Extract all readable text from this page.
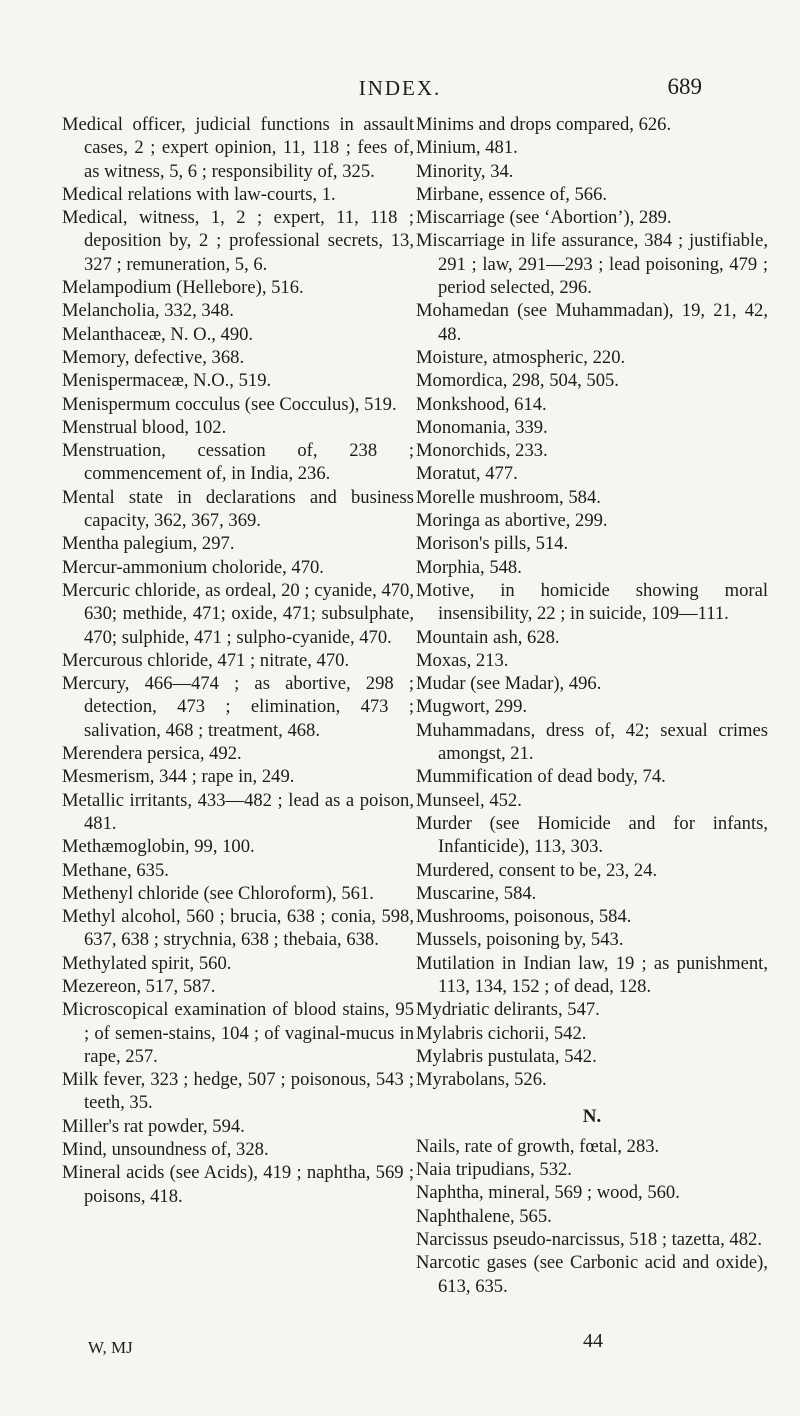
INDEX.	689
Medical officer, judicial functions in assault cases, 2 ; expert opinion, 11, 118 ; fees of, as witness, 5, 6 ; responsibility of, 325.
Medical relations with law-courts, 1.
Medical, witness, 1, 2 ; expert, 11, 118 ; deposition by, 2 ; professional secrets, 13, 327 ; remuneration, 5, 6.
Melampodium (Hellebore), 516.
Melancholia, 332, 348.
Melanthaceæ, N. O., 490.
Memory, defective, 368.
Menispermaceæ, N.O., 519.
Menispermum cocculus (see Cocculus), 519.
Menstrual blood, 102.
Menstruation, cessation of, 238 ; commencement of, in India, 236.
Mental state in declarations and business capacity, 362, 367, 369.
Mentha palegium, 297.
Mercur-ammonium choloride, 470.
Mercuric chloride, as ordeal, 20 ; cyanide, 470, 630; methide, 471; oxide, 471; subsulphate, 470; sulphide, 471 ; sulpho-cyanide, 470.
Mercurous chloride, 471 ; nitrate, 470.
Mercury, 466—474 ; as abortive, 298 ; detection, 473 ; elimination, 473 ; salivation, 468 ; treatment, 468.
Merendera persica, 492.
Mesmerism, 344 ; rape in, 249.
Metallic irritants, 433—482 ; lead as a poison, 481.
Methæmoglobin, 99, 100.
Methane, 635.
Methenyl chloride (see Chloroform), 561.
Methyl alcohol, 560 ; brucia, 638 ; conia, 598, 637, 638 ; strychnia, 638 ; thebaia, 638.
Methylated spirit, 560.
Mezereon, 517, 587.
Microscopical examination of blood stains, 95 ; of semen-stains, 104 ; of vaginal-mucus in rape, 257.
Milk fever, 323 ; hedge, 507 ; poisonous, 543 ; teeth, 35.
Miller's rat powder, 594.
Mind, unsoundness of, 328.
Mineral acids (see Acids), 419 ; naphtha, 569 ; poisons, 418.
Minims and drops compared, 626.
Minium, 481.
Minority, 34.
Mirbane, essence of, 566.
Miscarriage (see ‘Abortion’), 289.
Miscarriage in life assurance, 384 ; justifiable, 291 ; law, 291—293 ; lead poisoning, 479 ; period selected, 296.
Mohamedan (see Muhammadan), 19, 21, 42, 48.
Moisture, atmospheric, 220.
Momordica, 298, 504, 505.
Monkshood, 614.
Monomania, 339.
Monorchids, 233.
Moratut, 477.
Morelle mushroom, 584.
Moringa as abortive, 299.
Morison's pills, 514.
Morphia, 548.
Motive, in homicide showing moral insensibility, 22 ; in suicide, 109—111.
Mountain ash, 628.
Moxas, 213.
Mudar (see Madar), 496.
Mugwort, 299.
Muhammadans, dress of, 42; sexual crimes amongst, 21.
Mummification of dead body, 74.
Munseel, 452.
Murder (see Homicide and for infants, Infanticide), 113, 303.
Murdered, consent to be, 23, 24.
Muscarine, 584.
Mushrooms, poisonous, 584.
Mussels, poisoning by, 543.
Mutilation in Indian law, 19 ; as punishment, 113, 134, 152 ; of dead, 128.
Mydriatic delirants, 547.
Mylabris cichorii, 542.
Mylabris pustulata, 542.
Myrabolans, 526.
N.
Nails, rate of growth, fœtal, 283.
Naia tripudians, 532.
Naphtha, mineral, 569 ; wood, 560.
Naphthalene, 565.
Narcissus pseudo-narcissus, 518 ; tazetta, 482.
Narcotic gases (see Carbonic acid and oxide), 613, 635.
W, MJ	44
